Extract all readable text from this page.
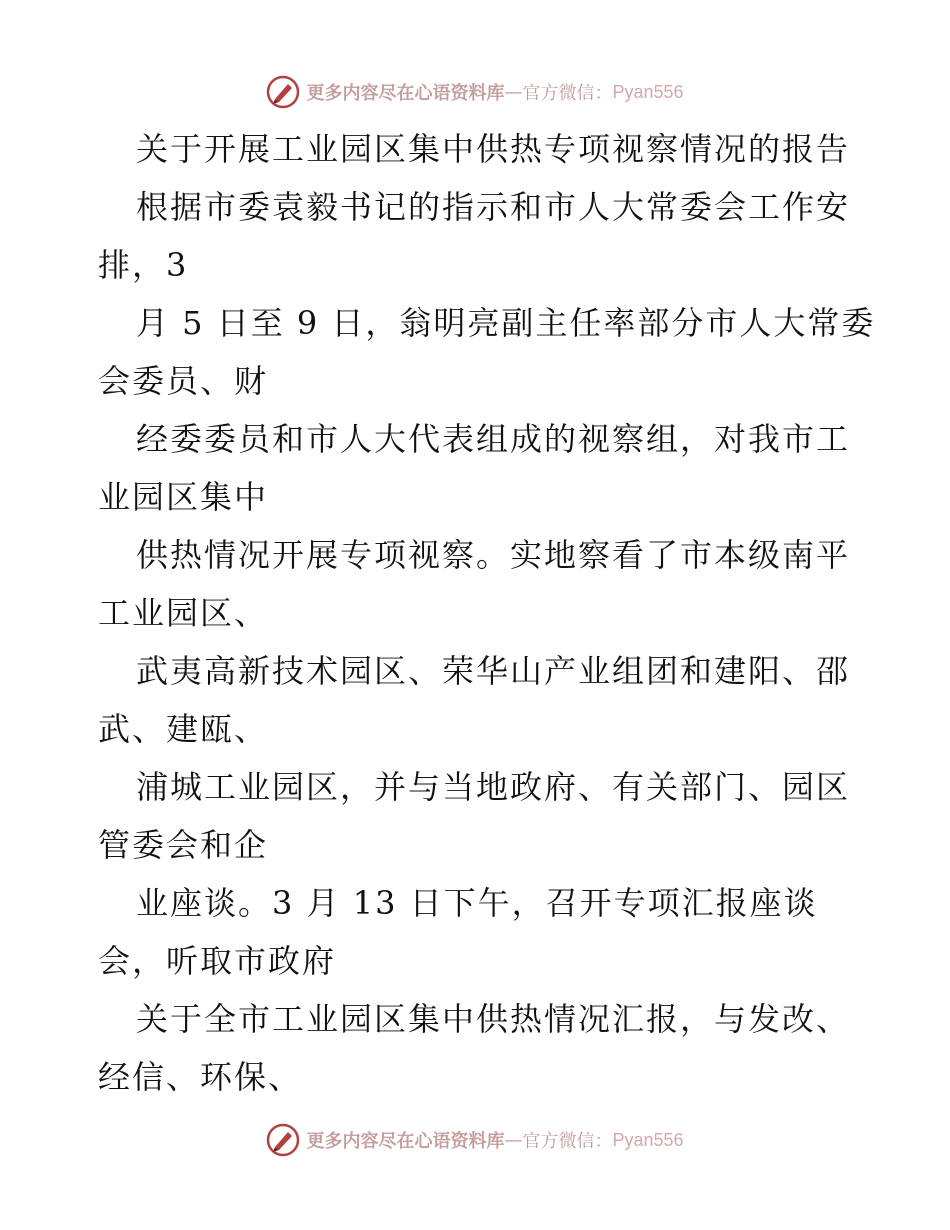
更多内容尽在心语资料库 — 官方微信： Pyan556
关于开展工业园区集中供热专项视察情况的报告
根据市委袁毅书记的指示和市人大常委会工作安
排，3
月 5 日至 9 日，翁明亮副主任率部分市人大常委
会委员、财
经委委员和市人大代表组成的视察组，对我市工
业园区集中
供热情况开展专项视察。实地察看了市本级南平
工业园区、
武夷高新技术园区、荣华山产业组团和建阳、邵
武、建瓯、
浦城工业园区，并与当地政府、有关部门、园区
管委会和企
业座谈。3 月 13 日下午，召开专项汇报座谈
会，听取市政府
关于全市工业园区集中供热情况汇报，与发改、
经信、环保、
更多内容尽在心语资料库 — 官方微信： Pyan556
